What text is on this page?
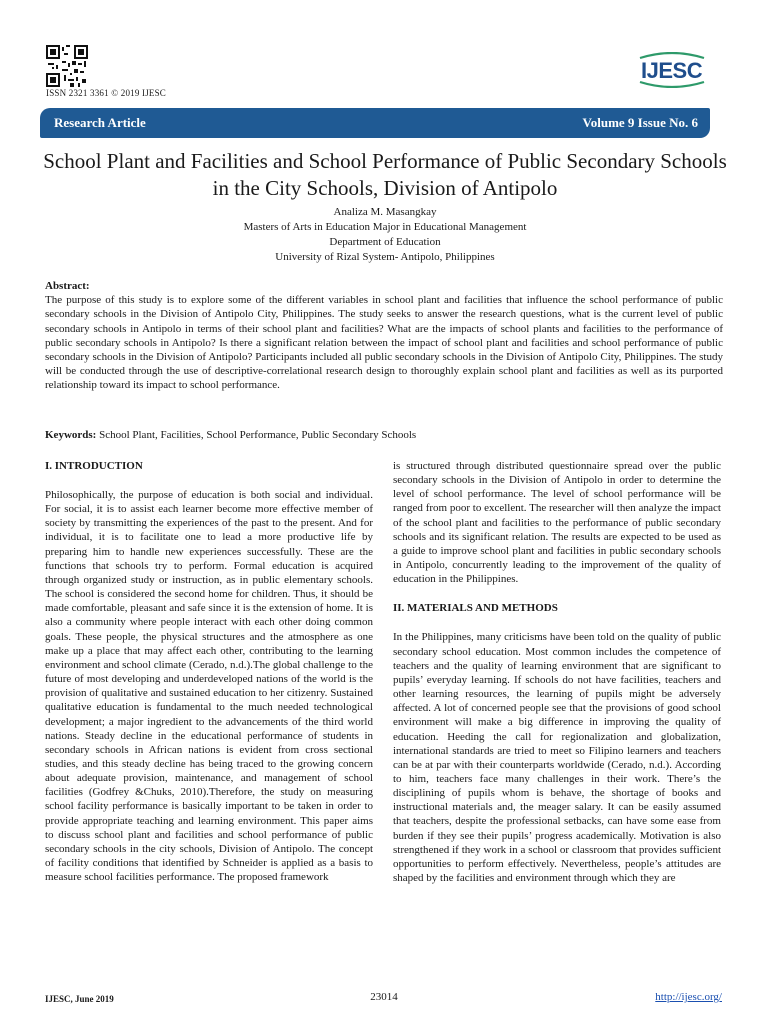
ISSN 2321 3361 © 2019 IJESC
IJESC
Research Article	Volume 9 Issue No. 6
School Plant and Facilities and School Performance of Public Secondary Schools in the City Schools, Division of Antipolo
Analiza M. Masangkay
Masters of Arts in Education Major in Educational Management
Department of Education
University of Rizal System- Antipolo, Philippines
Abstract:
The purpose of this study is to explore some of the different variables in school plant and facilities that influence the school performance of public secondary schools in the Division of Antipolo City, Philippines. The study seeks to answer the research questions, what is the current level of public secondary schools in Antipolo in terms of their school plant and facilities? What are the impacts of school plants and facilities to the performance of public secondary schools in Antipolo? Is there a significant relation between the impact of school plant and facilities and school performance of public secondary schools in the Division of Antipolo? Participants included all public secondary schools in the Division of Antipolo City, Philippines. The study will be conducted through the use of descriptive-correlational research design to thoroughly explain school plant and facilities as well as its purported relationship toward its impact to school performance.
Keywords: School Plant, Facilities, School Performance, Public Secondary Schools
I. INTRODUCTION

Philosophically, the purpose of education is both social and individual. For social, it is to assist each learner become more effective member of society by transmitting the experiences of the past to the present. And for individual, it is to facilitate one to lead a more productive life by preparing him to handle new experiences successfully. These are the functions that schools try to perform. Formal education is acquired through organized study or instruction, as in public elementary schools. The school is considered the second home for children. Thus, it should be made comfortable, pleasant and safe since it is the extension of home. It is also a community where people interact with each other doing common goals. These people, the physical structures and the atmosphere as one make up a place that may affect each other, contributing to the learning environment and school climate (Cerado, n.d.).The global challenge to the future of most developing and underdeveloped nations of the world is the provision of qualitative and sustained education to her citizenry. Sustained qualitative education is fundamental to the much needed technological development; a major ingredient to the advancements of the third world nations. Steady decline in the educational performance of students in secondary schools in African nations is evident from cross sectional studies, and this steady decline has being traced to the growing concern about adequate provision, maintenance, and management of school facilities (Godfrey &Chuks, 2010).Therefore, the study on measuring school facility performance is basically important to be taken in order to provide appropriate teaching and learning environment. This paper aims to discuss school plant and facilities and school performance of public secondary schools in the city schools, Division of Antipolo. The concept of facility conditions that identified by Schneider is applied as a basis to measure school facilities performance. The proposed framework

is structured through distributed questionnaire spread over the public secondary schools in the Division of Antipolo in order to determine the level of school performance. The level of school performance will be ranged from poor to excellent. The researcher will then analyze the impact of the school plant and facilities to the performance of public secondary schools and its significant relation. The results are expected to be used as a guide to improve school plant and facilities in public secondary schools in Antipolo, concurrently leading to the improvement of the quality of education in the Philippines.

II. MATERIALS AND METHODS

In the Philippines, many criticisms have been told on the quality of public secondary school education. Most common includes the competence of teachers and the quality of learning environment that are significant to pupils’ everyday learning. If schools do not have facilities, teachers and other learning resources, the learning of pupils might be adversely affected. A lot of concerned people see that the provisions of good school environment will make a big difference in improving the quality of education. Heeding the call for regionalization and globalization, international standards are tried to meet so Filipino learners and teachers can be at par with their counterparts worldwide (Cerado, n.d.). According to him, teachers face many challenges in their work. There’s the disciplining of pupils whom is behave, the shortage of books and instructional materials and, the meager salary. It can be easily assumed that teachers, despite the professional setbacks, can have some ease from burden if they see their pupils’ progress academically. Motivation is also strengthened if they work in a school or classroom that provides sufficient opportunities to perform effectively. Nevertheless, people’s attitudes are shaped by the facilities and environment through which they are

IJESC, June 2019	23014	http://ijesc.org/
